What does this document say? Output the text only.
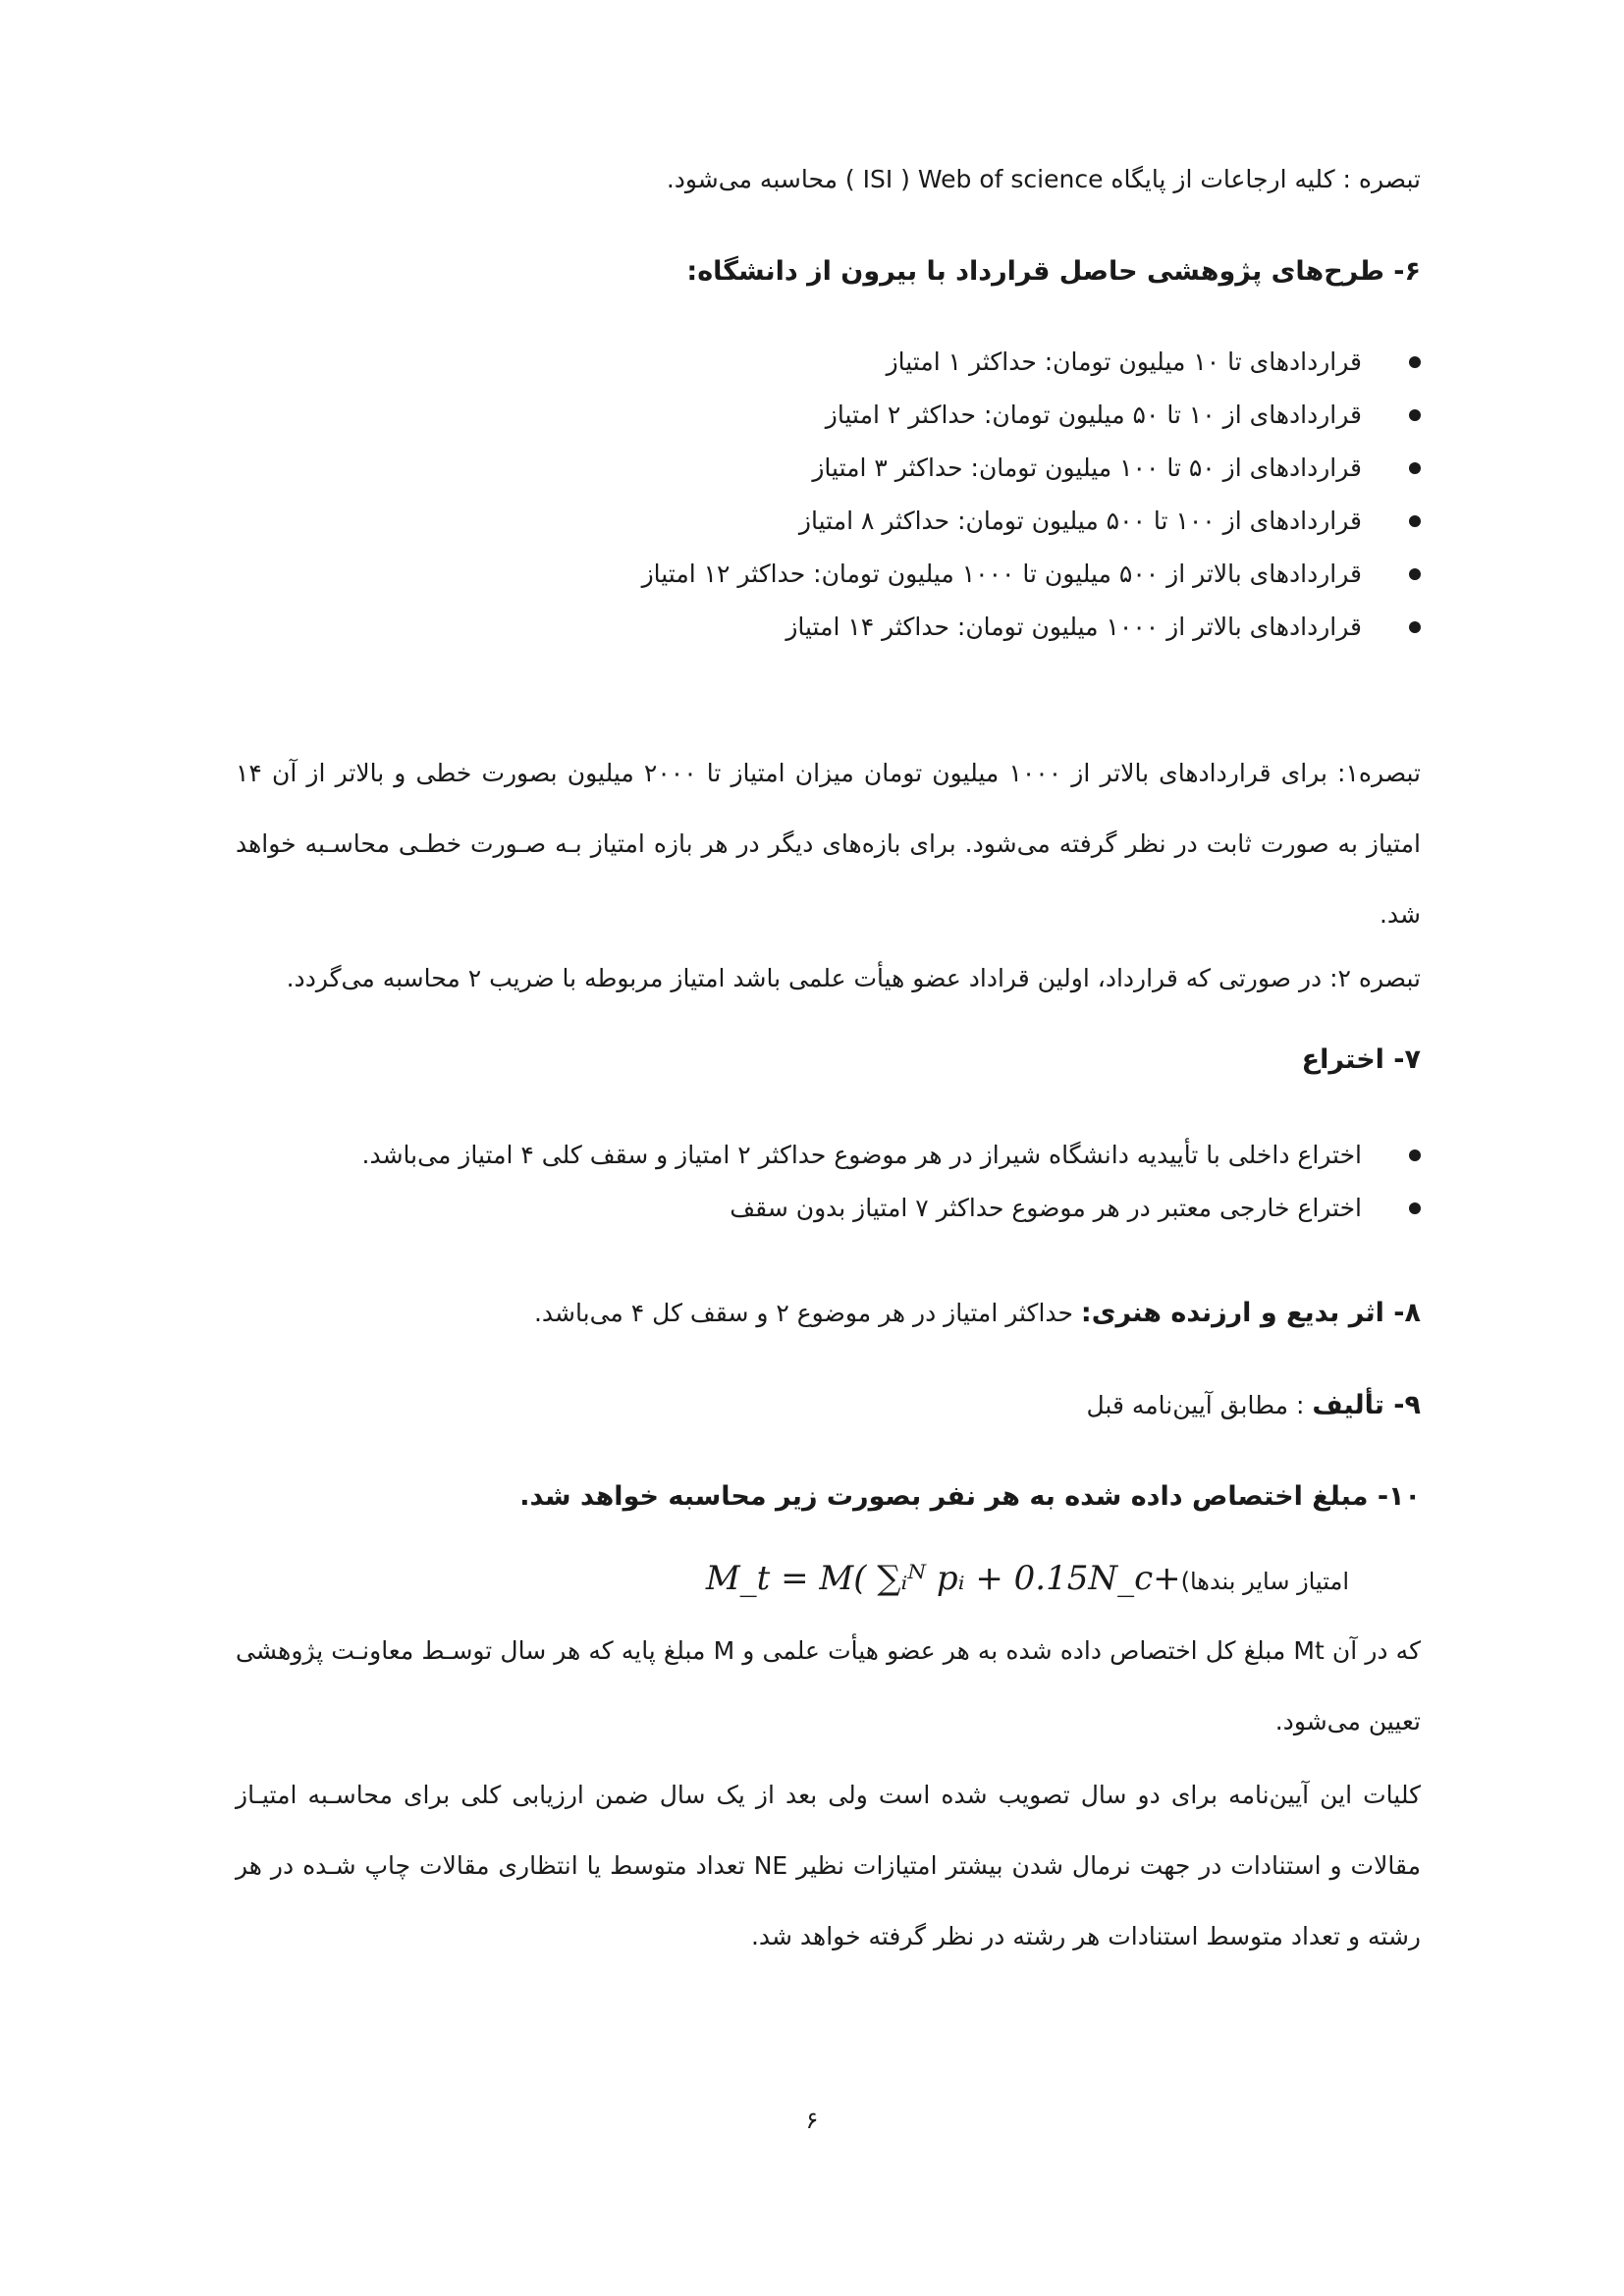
تبصره : کلیه ارجاعات از پایگاه ISI ) Web of science ) محاسبه می‌شود.
۶- طرح‌های پژوهشی حاصل قرارداد با بیرون از دانشگاه:
قراردادهای تا ۱۰ میلیون تومان: حداکثر ۱ امتیاز
قراردادهای از ۱۰ تا ۵۰ میلیون تومان: حداکثر ۲ امتیاز
قراردادهای از ۵۰ تا ۱۰۰ میلیون تومان: حداکثر ۳ امتیاز
قراردادهای از ۱۰۰ تا ۵۰۰ میلیون تومان: حداکثر ۸ امتیاز
قراردادهای بالاتر از ۵۰۰ میلیون تا ۱۰۰۰ میلیون تومان: حداکثر ۱۲ امتیاز
قراردادهای بالاتر از ۱۰۰۰ میلیون تومان: حداکثر ۱۴ امتیاز
تبصره۱: برای قراردادهای بالاتر از ۱۰۰۰ میلیون تومان میزان امتیاز تا ۲۰۰۰ میلیون بصورت خطی و بالاتر از آن ۱۴ امتیاز به صورت ثابت در نظر گرفته می‌شود. برای بازه‌های دیگر در هر بازه امتیاز بـه صـورت خطـی محاسـبه خواهد شد.
تبصره ۲: در صورتی که قرارداد، اولین قراداد عضو هیأت علمی باشد امتیاز مربوطه با ضریب ۲ محاسبه می‌گردد.
۷- اختراع
اختراع داخلی با تأییدیه دانشگاه شیراز در هر موضوع حداکثر ۲ امتیاز و سقف کلی ۴ امتیاز می‌باشد.
اختراع خارجی معتبر در هر موضوع حداکثر ۷ امتیاز بدون سقف
۸- اثر بدیع و ارزنده هنری: حداکثر امتیاز در هر موضوع ۲ و سقف کل ۴ می‌باشد.
۹- تألیف : مطابق آیین‌نامه قبل
۱۰- مبلغ اختصاص داده شده به هر نفر بصورت زیر محاسبه خواهد شد.
M_t = M( ∑ᵢᴺ pᵢ + 0.15N_c+امتیاز سایر بندها)
که در آن Mt مبلغ کل اختصاص داده شده به هر عضو هیأت علمی و M مبلغ پایه که هر سال توسـط معاونـت پژوهشی تعیین می‌شود.
کلیات این آیین‌نامه برای دو سال تصویب شده است ولی بعد از یک سال ضمن ارزیابی کلی برای محاسـبه امتیـاز مقالات و استنادات در جهت نرمال شدن بیشتر امتیازات نظیر NE تعداد متوسط یا انتظاری مقالات چاپ شـده در هر رشته و تعداد متوسط استنادات هر رشته در نظر گرفته خواهد شد.
۶
